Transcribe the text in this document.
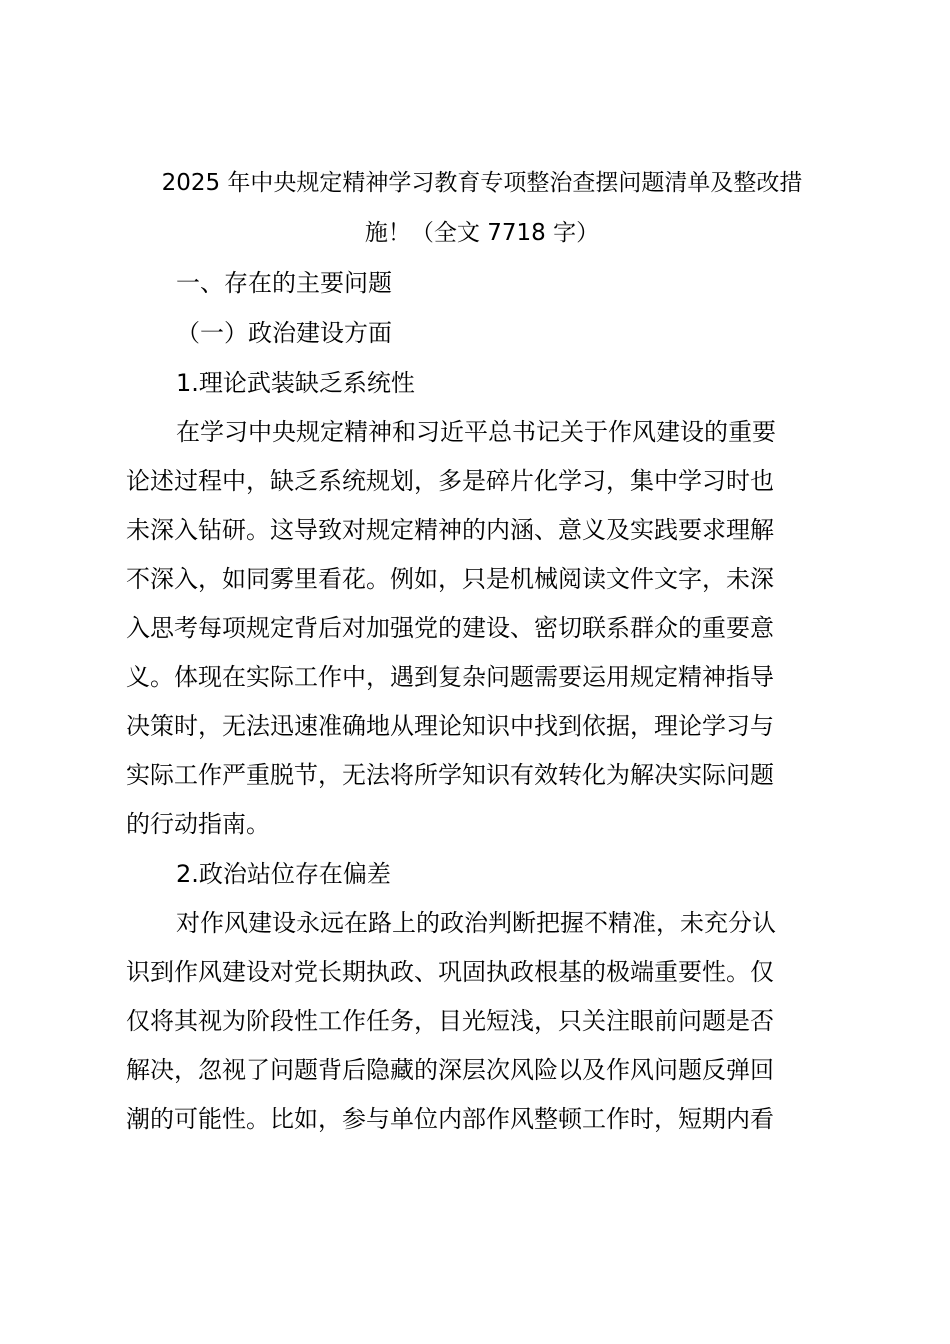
2025 年中央规定精神学习教育专项整治查摆问题清单及整改措

施！（全文 7718 字）

一、存在的主要问题

（一）政治建设方面

1.理论武装缺乏系统性

在学习中央规定精神和习近平总书记关于作风建设的重要

论述过程中，缺乏系统规划，多是碎片化学习，集中学习时也

未深入钻研。这导致对规定精神的内涵、意义及实践要求理解

不深入，如同雾里看花。例如，只是机械阅读文件文字，未深

入思考每项规定背后对加强党的建设、密切联系群众的重要意

义。体现在实际工作中，遇到复杂问题需要运用规定精神指导

决策时，无法迅速准确地从理论知识中找到依据，理论学习与

实际工作严重脱节，无法将所学知识有效转化为解决实际问题

的行动指南。

2.政治站位存在偏差

对作风建设永远在路上的政治判断把握不精准，未充分认

识到作风建设对党长期执政、巩固执政根基的极端重要性。仅

仅将其视为阶段性工作任务，目光短浅，只关注眼前问题是否

解决，忽视了问题背后隐藏的深层次风险以及作风问题反弹回

潮的可能性。比如，参与单位内部作风整顿工作时，短期内看
